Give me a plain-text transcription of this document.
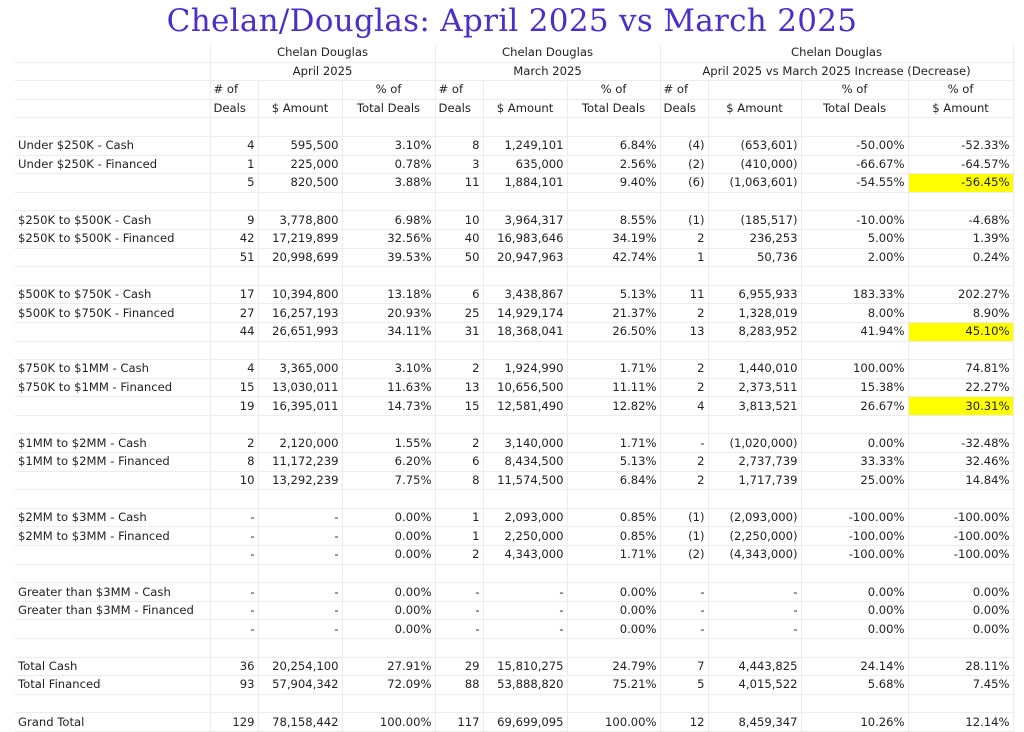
Chelan/Douglas: April 2025 vs March 2025
	Chelan Douglas			Chelan Douglas			Chelan Douglas			
	April 2025			March 2025			April 2025 vs March 2025 Increase (Decrease)			
	# of		% of	# of		% of	# of		% of	% of
	Deals	$ Amount	Total Deals	Deals	$ Amount	Total Deals	Deals	$ Amount	Total Deals	$ Amount

Under $250K - Cash	4	595,500	3.10%	8	1,249,101	6.84%	(4)	(653,601)	-50.00%	-52.33%
Under $250K - Financed	1	225,000	0.78%	3	635,000	2.56%	(2)	(410,000)	-66.67%	-64.57%
	5	820,500	3.88%	11	1,884,101	9.40%	(6)	(1,063,601)	-54.55%	-56.45%

$250K to $500K - Cash	9	3,778,800	6.98%	10	3,964,317	8.55%	(1)	(185,517)	-10.00%	-4.68%
$250K to $500K - Financed	42	17,219,899	32.56%	40	16,983,646	34.19%	2	236,253	5.00%	1.39%
	51	20,998,699	39.53%	50	20,947,963	42.74%	1	50,736	2.00%	0.24%

$500K to $750K - Cash	17	10,394,800	13.18%	6	3,438,867	5.13%	11	6,955,933	183.33%	202.27%
$500K to $750K - Financed	27	16,257,193	20.93%	25	14,929,174	21.37%	2	1,328,019	8.00%	8.90%
	44	26,651,993	34.11%	31	18,368,041	26.50%	13	8,283,952	41.94%	45.10%

$750K to $1MM - Cash	4	3,365,000	3.10%	2	1,924,990	1.71%	2	1,440,010	100.00%	74.81%
$750K to $1MM - Financed	15	13,030,011	11.63%	13	10,656,500	11.11%	2	2,373,511	15.38%	22.27%
	19	16,395,011	14.73%	15	12,581,490	12.82%	4	3,813,521	26.67%	30.31%

$1MM to $2MM - Cash	2	2,120,000	1.55%	2	3,140,000	1.71%	-	(1,020,000)	0.00%	-32.48%
$1MM to $2MM - Financed	8	11,172,239	6.20%	6	8,434,500	5.13%	2	2,737,739	33.33%	32.46%
	10	13,292,239	7.75%	8	11,574,500	6.84%	2	1,717,739	25.00%	14.84%

$2MM to $3MM - Cash	-	-	0.00%	1	2,093,000	0.85%	(1)	(2,093,000)	-100.00%	-100.00%
$2MM to $3MM - Financed	-	-	0.00%	1	2,250,000	0.85%	(1)	(2,250,000)	-100.00%	-100.00%
	-	-	0.00%	2	4,343,000	1.71%	(2)	(4,343,000)	-100.00%	-100.00%

Greater than $3MM - Cash	-	-	0.00%	-	-	0.00%	-	-	0.00%	0.00%
Greater than $3MM - Financed	-	-	0.00%	-	-	0.00%	-	-	0.00%	0.00%
	-	-	0.00%	-	-	0.00%	-	-	0.00%	0.00%

Total Cash	36	20,254,100	27.91%	29	15,810,275	24.79%	7	4,443,825	24.14%	28.11%
Total Financed	93	57,904,342	72.09%	88	53,888,820	75.21%	5	4,015,522	5.68%	7.45%

Grand Total	129	78,158,442	100.00%	117	69,699,095	100.00%	12	8,459,347	10.26%	12.14%
